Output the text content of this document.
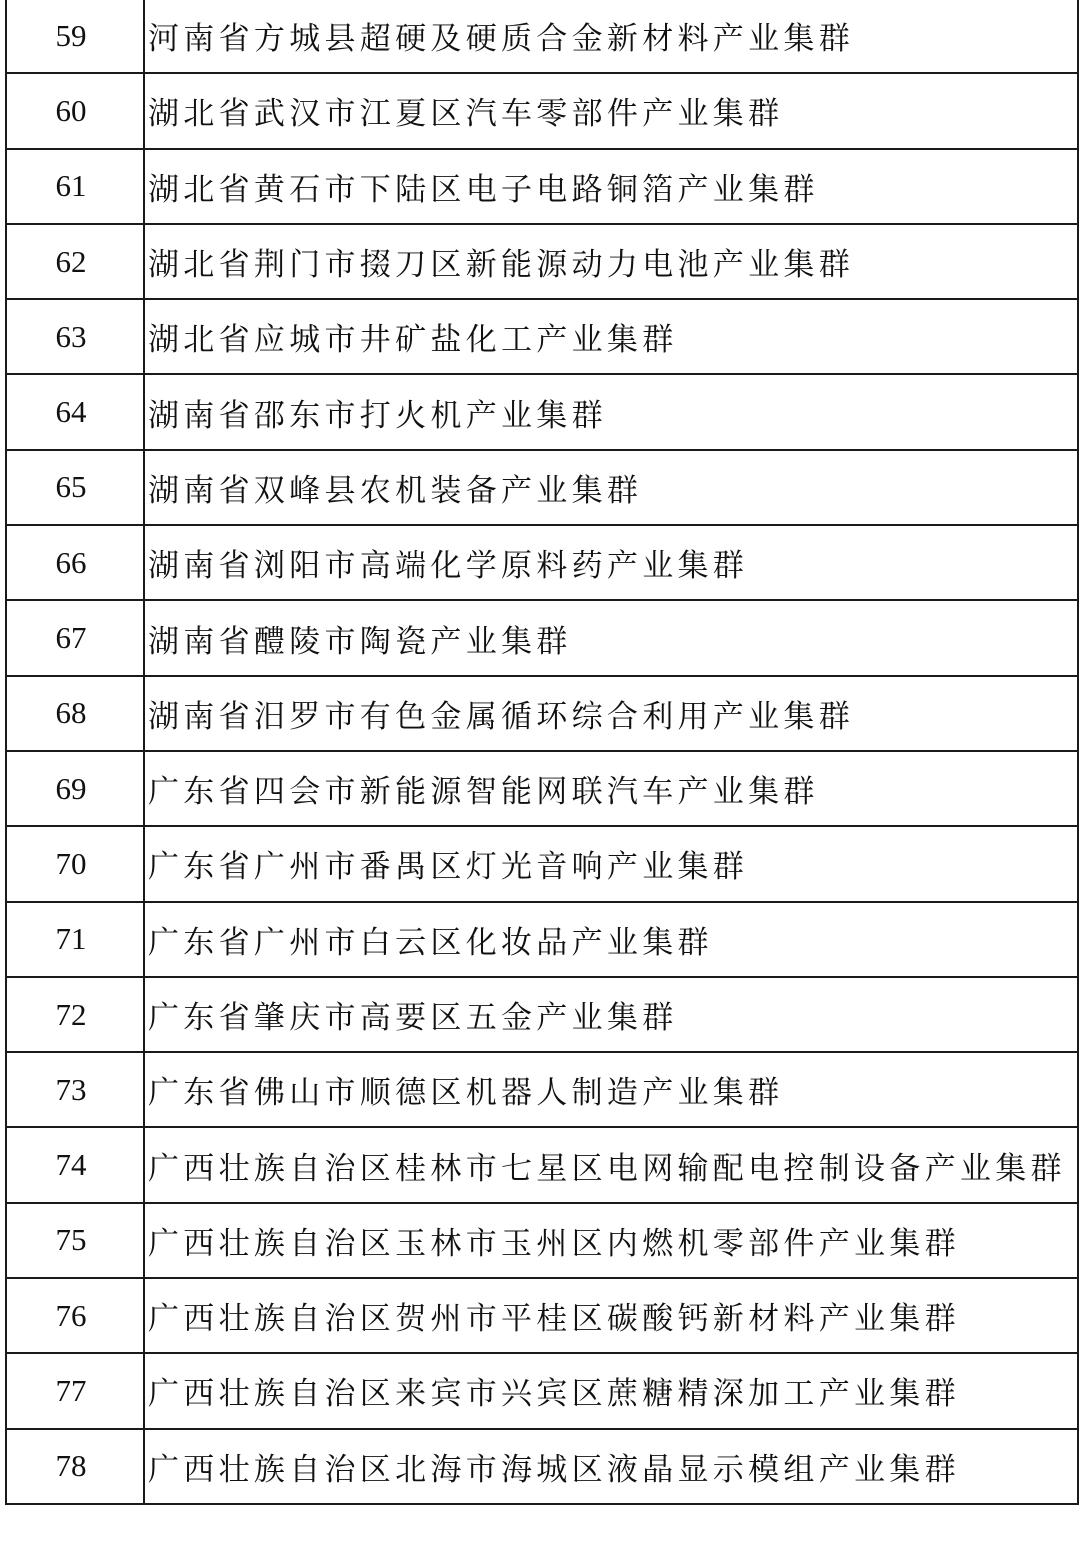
59	河南省方城县超硬及硬质合金新材料产业集群
60	湖北省武汉市江夏区汽车零部件产业集群
61	湖北省黄石市下陆区电子电路铜箔产业集群
62	湖北省荆门市掇刀区新能源动力电池产业集群
63	湖北省应城市井矿盐化工产业集群
64	湖南省邵东市打火机产业集群
65	湖南省双峰县农机装备产业集群
66	湖南省浏阳市高端化学原料药产业集群
67	湖南省醴陵市陶瓷产业集群
68	湖南省汨罗市有色金属循环综合利用产业集群
69	广东省四会市新能源智能网联汽车产业集群
70	广东省广州市番禺区灯光音响产业集群
71	广东省广州市白云区化妆品产业集群
72	广东省肇庆市高要区五金产业集群
73	广东省佛山市顺德区机器人制造产业集群
74	广西壮族自治区桂林市七星区电网输配电控制设备产业集群
75	广西壮族自治区玉林市玉州区内燃机零部件产业集群
76	广西壮族自治区贺州市平桂区碳酸钙新材料产业集群
77	广西壮族自治区来宾市兴宾区蔗糖精深加工产业集群
78	广西壮族自治区北海市海城区液晶显示模组产业集群
